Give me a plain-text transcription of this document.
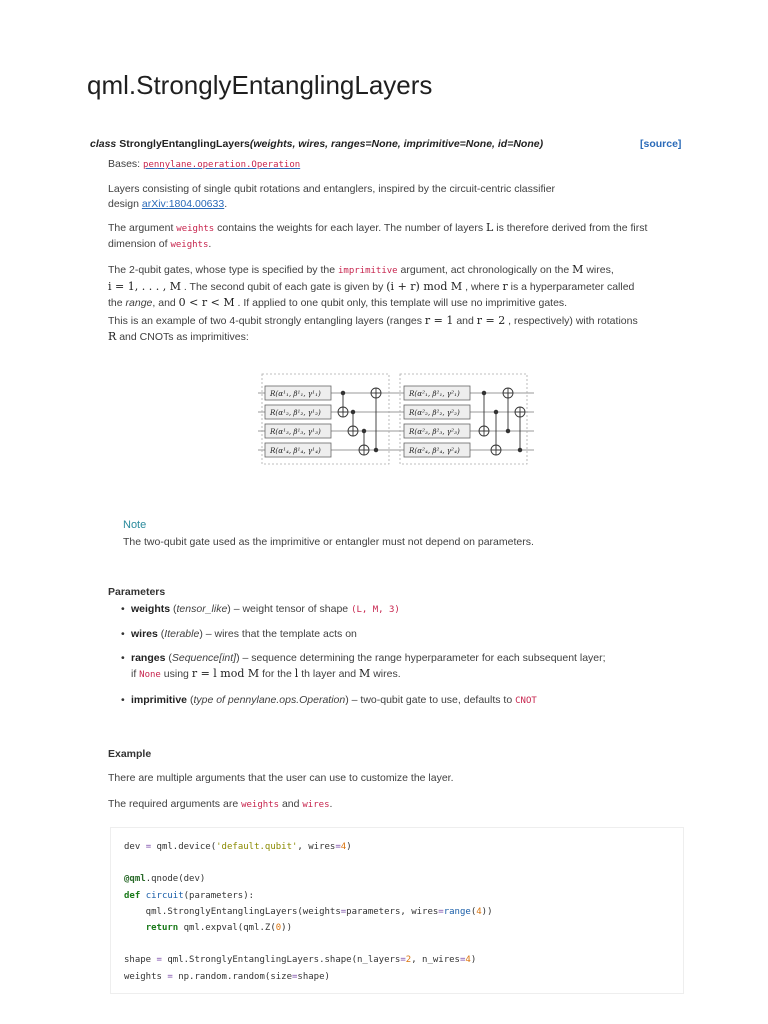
qml.StronglyEntanglingLayers
class StronglyEntanglingLayers(weights, wires, ranges=None, imprimitive=None, id=None)	[source]
Bases: pennylane.operation.Operation
Layers consisting of single qubit rotations and entanglers, inspired by the circuit-centric classifier
design arXiv:1804.00633.
The argument weights contains the weights for each layer. The number of layers L is therefore derived from the first
dimension of weights.
The 2-qubit gates, whose type is specified by the imprimitive argument, act chronologically on the M wires,
i = 1, . . . , M . The second qubit of each gate is given by (i + r) mod M , where r is a hyperparameter called
the range, and 0 < r < M . If applied to one qubit only, this template will use no imprimitive gates.
This is an example of two 4-qubit strongly entangling layers (ranges r = 1 and r = 2 , respectively) with rotations
R and CNOTs as imprimitives:
R(α¹₁, β¹₁, γ¹₁)
R(α¹₂, β¹₂, γ¹₂)
R(α¹₃, β¹₃, γ¹₃)
R(α¹₄, β¹₄, γ¹₄)
R(α²₁, β²₁, γ²₁)
R(α²₂, β²₂, γ²₂)
R(α²₃, β²₃, γ²₃)
R(α²₄, β²₄, γ²₄)
Note
The two-qubit gate used as the imprimitive or entangler must not depend on parameters.
Parameters
• weights (tensor_like) – weight tensor of shape (L, M, 3)
• wires (Iterable) – wires that the template acts on
• ranges (Sequence[int]) – sequence determining the range hyperparameter for each subsequent layer;
if None using r = l mod M for the l th layer and M wires.
• imprimitive (type of pennylane.ops.Operation) – two-qubit gate to use, defaults to CNOT
Example
There are multiple arguments that the user can use to customize the layer.
The required arguments are weights and wires.
dev = qml.device('default.qubit', wires=4)

@qml.qnode(dev)
def circuit(parameters):
qml.StronglyEntanglingLayers(weights=parameters, wires=range(4))
return qml.expval(qml.Z(0))

shape = qml.StronglyEntanglingLayers.shape(n_layers=2, n_wires=4)
weights = np.random.random(size=shape)
